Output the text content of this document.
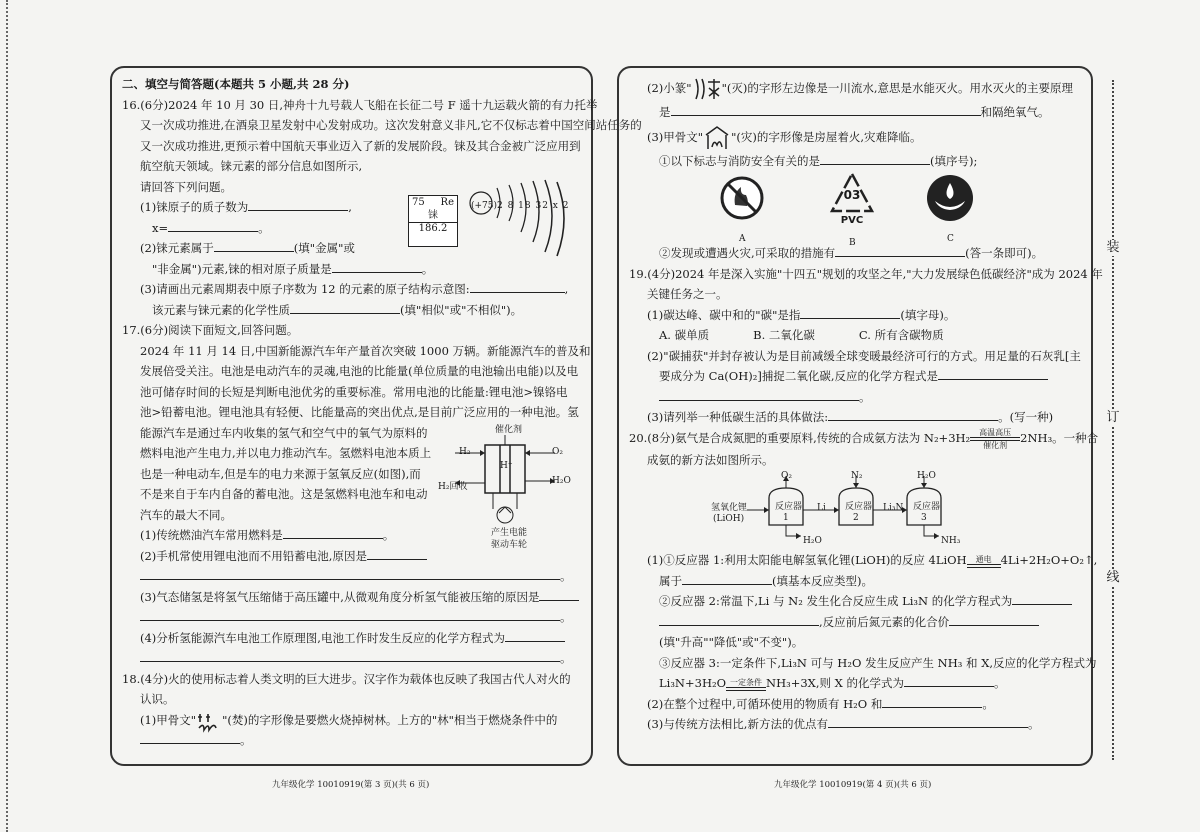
二、填空与简答题(本题共 5 小题,共 28 分)
16.(6分)2024 年 10 月 30 日,神舟十九号载人飞船在长征二号 F 遥十九运载火箭的有力托举
又一次成功推进,在酒泉卫星发射中心发射成功。这次发射意义非凡,它不仅标志着中国空间站任务的
又一次成功推进,更预示着中国航天事业迈入了新的发展阶段。铼及其合金被广泛应用到
航空航天领域。铼元素的部分信息如图所示,
请回答下列问题。
(1)铼原子的质子数为	,
x=	。
(2)铼元素属于	(填"金属"或
"非金属")元素,铼的相对原子质量是	。
(3)请画出元素周期表中原子序数为 12 的元素的原子结构示意图:	,
该元素与铼元素的化学性质	(填"相似"或"不相似")。
17.(6分)阅读下面短文,回答问题。
2024 年 11 月 14 日,中国新能源汽车年产量首次突破 1000 万辆。新能源汽车的普及和
发展倍受关注。电池是电动汽车的灵魂,电池的比能量(单位质量的电池输出电能)以及电
池可储存时间的长短是判断电池优劣的重要标准。常用电池的比能量:锂电池>镍铬电
池>铅蓄电池。锂电池具有轻便、比能量高的突出优点,是目前广泛应用的一种电池。氢
能源汽车是通过车内收集的氢气和空气中的氧气为原料的
燃料电池产生电力,并以电力推动汽车。氢燃料电池本质上
也是一种电动车,但是车的电力来源于氢氧反应(如图),而
不是来自于车内自备的蓄电池。这是氢燃料电池车和电动
汽车的最大不同。
(1)传统燃油汽车常用燃料是	。
(2)手机常使用锂电池而不用铅蓄电池,原因是
。
(3)气态储氢是将氢气压缩储于高压罐中,从微观角度分析氢气能被压缩的原因是
。
(4)分析氢能源汽车电池工作原理图,电池工作时发生反应的化学方程式为
。
18.(4分)火的使用标志着人类文明的巨大进步。汉字作为载体也反映了我国古代人对火的
认识。
(1)甲骨文" "(焚)的字形像是要燃火烧掉树林。上方的"林"相当于燃烧条件中的
。
75 Re
铼
186.2
(+75) 2 8 18 32 x 2
催化剂
H₂
H⁺
O₂
H₂O
H₂回收
产生电能
驱动车轮
(2)小篆"	"(灭)的字形左边像是一川流水,意思是水能灭火。用水灭火的主要原理
是	和隔绝氧气。
(3)甲骨文" "(灾)的字形像是房屋着火,灾难降临。
①以下标志与消防安全有关的是	(填序号);
03
PVC
A	B	C
②发现或遭遇火灾,可采取的措施有	(答一条即可)。
19.(4分)2024 年是深入实施"十四五"规划的攻坚之年,"大力发展绿色低碳经济"成为 2024 年
关键任务之一。
(1)碳达峰、碳中和的"碳"是指	(填字母)。
A. 碳单质	B. 二氧化碳	C. 所有含碳物质
(2)"碳捕获"并封存被认为是目前减缓全球变暖最经济可行的方式。用足量的石灰乳[主
要成分为 Ca(OH)₂]捕捉二氧化碳,反应的化学方程式是
。
(3)请列举一种低碳生活的具体做法:	。(写一种)
20.(8分)氨气是合成氮肥的重要原料,传统的合成氨方法为 N₂+3H₂	高温高压
催化剂
2NH₃。一种合
成氨的新方法如图所示。
氢氧化锂
(LiOH)
反应器
1
反应器
2
反应器
3
O₂	N₂	H₂O
Li	Li₃N
H₂O	NH₃
(1)①反应器 1:利用太阳能电解氢氧化锂(LiOH)的反应 4LiOH	通电 4Li+2H₂O+O₂↑,
属于	(填基本反应类型)。
②反应器 2:常温下,Li 与 N₂ 发生化合反应生成 Li₃N 的化学方程式为
,反应前后氮元素的化合价
(填"升高""降低"或"不变")。
③反应器 3:一定条件下,Li₃N 可与 H₂O 发生反应产生 NH₃ 和 X,反应的化学方程式为
Li₃N+3H₂O 一定条件 NH₃+3X,则 X 的化学式为	。
(2)在整个过程中,可循环使用的物质有 H₂O 和	。
(3)与传统方法相比,新方法的优点有	。
九年级化学 10010919(第 3 页)(共 6 页)	九年级化学 10010919(第 4 页)(共 6 页)
装
订
线
